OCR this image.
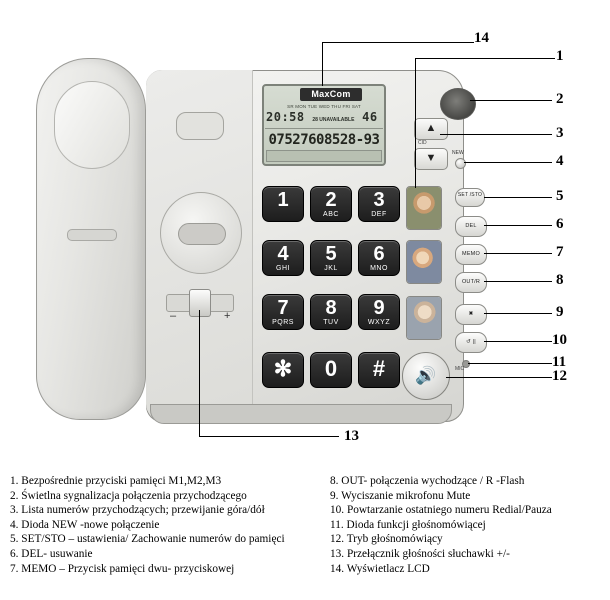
–	+
MaxCom
SR MON TUE WED THU FRI SAT
20:58 28 UNAVAILABLE 46
07527608528-93
▲
▼
CID
NEW
SET /STO
DEL
MEMO
OUT/R
✖
↺ ||
MIC
🔊
1	2
ABC
3
DEF
4
GHI
5
JKL
6
MNO
7
PQRS
8
TUV
9
WXYZ
✻	0	#
14
1
2
3
4
5
6
7
8
9
10
11
12
13
1. Bezpośrednie przyciski pamięci M1,M2,M3
2. Świetlna sygnalizacja połączenia przychodzącego
3. Lista numerów przychodzących; przewijanie góra/dół
4. Dioda NEW -nowe połączenie
5. SET/STO – ustawienia/ Zachowanie numerów do pamięci
6. DEL- usuwanie
7. MEMO – Przycisk pamięci dwu- przyciskowej
8. OUT- połączenia wychodzące / R -Flash
9. Wyciszanie mikrofonu Mute
10. Powtarzanie ostatniego numeru Redial/Pauza
11. Dioda funkcji głośnomówiącej
12. Tryb głośnomówiący
13. Przełącznik głośności słuchawki +/-
14. Wyświetlacz LCD
